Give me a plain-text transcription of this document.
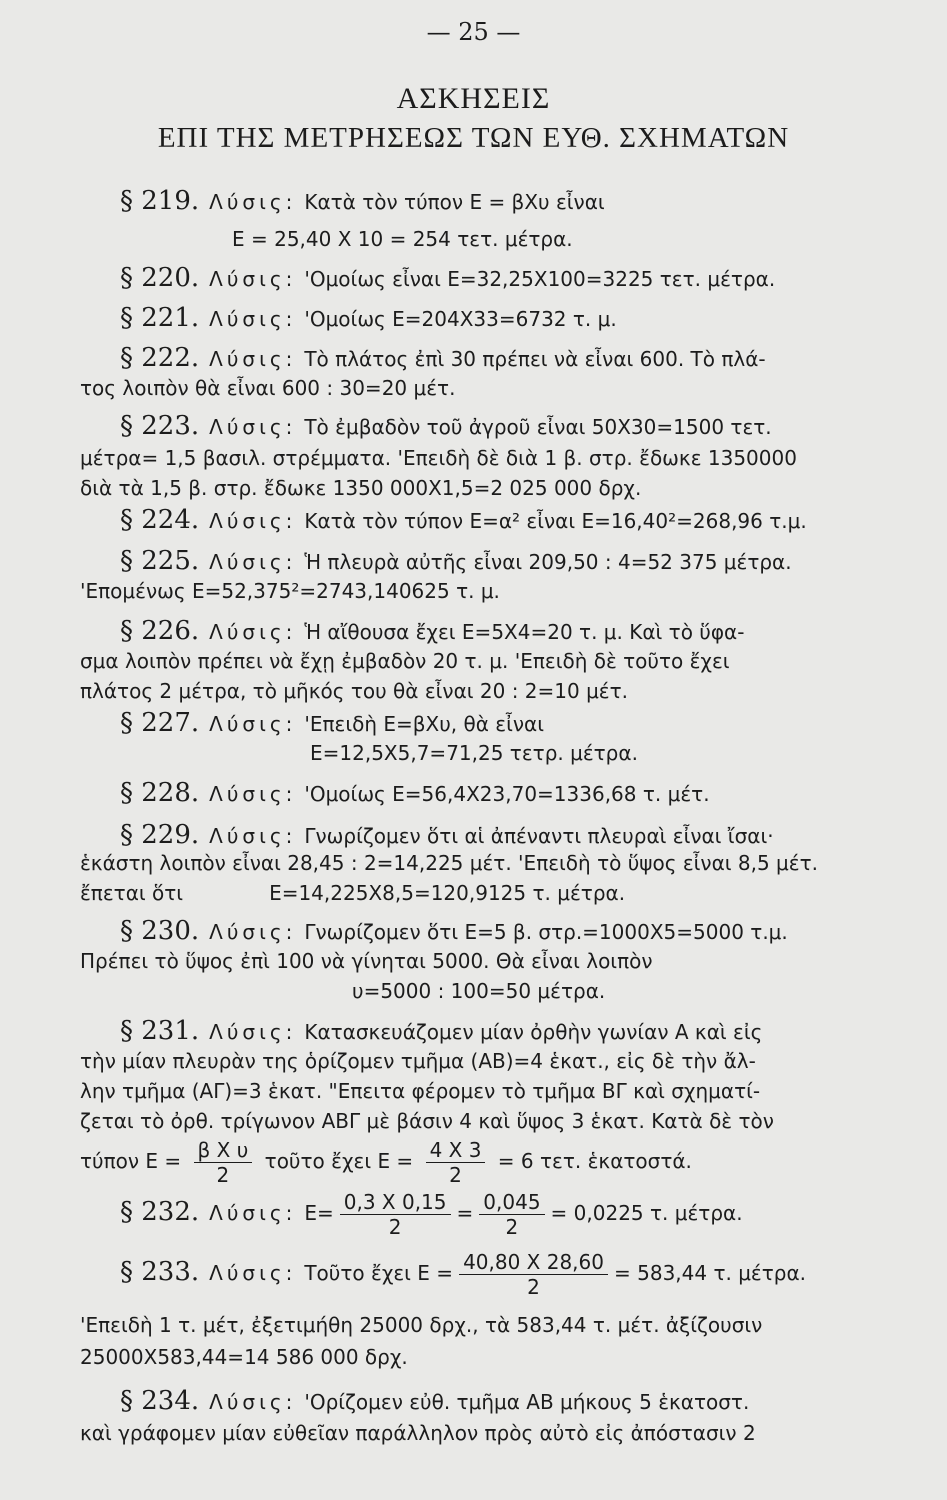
— 25 —
ΑΣΚΗΣΕΙΣ
ΕΠΙ ΤΗΣ ΜΕΤΡΗΣΕΩΣ ΤΩΝ ΕΥΘ. ΣΧΗΜΑΤΩΝ
§ 219. Λύσις: Κατὰ τὸν τύπον Ε = βΧυ εἶναι
Ε = 25,40 Χ 10 = 254 τετ. μέτρα.
§ 220. Λύσις: 'Ομοίως εἶναι Ε=32,25Χ100=3225 τετ. μέτρα.
§ 221. Λύσις: 'Ομοίως Ε=204Χ33=6732 τ. μ.
§ 222. Λύσις: Τὸ πλάτος ἐπὶ 30 πρέπει νὰ εἶναι 600. Τὸ πλά-
τος λοιπὸν θὰ εἶναι 600 : 30=20 μέτ.
§ 223. Λύσις: Τὸ ἐμβαδὸν τοῦ ἀγροῦ εἶναι 50Χ30=1500 τετ.
μέτρα= 1,5 βασιλ. στρέμματα. 'Επειδὴ δὲ διὰ 1 β. στρ. ἔδωκε 1350000
διὰ τὰ 1,5 β. στρ. ἔδωκε 1350 000Χ1,5=2 025 000 δρχ.
§ 224. Λύσις: Κατὰ τὸν τύπον Ε=α² εἶναι Ε=16,40²=268,96 τ.μ.
§ 225. Λύσις: Ἡ πλευρὰ αὐτῆς εἶναι 209,50 : 4=52 375 μέτρα.
'Επομένως Ε=52,375²=2743,140625 τ. μ.
§ 226. Λύσις: Ἡ αἴθουσα ἔχει Ε=5Χ4=20 τ. μ. Καὶ τὸ ὕφα-
σμα λοιπὸν πρέπει νὰ ἔχῃ ἐμβαδὸν 20 τ. μ. 'Επειδὴ δὲ τοῦτο ἔχει
πλάτος 2 μέτρα, τὸ μῆκός του θὰ εἶναι 20 : 2=10 μέτ.
§ 227. Λύσις: 'Επειδὴ Ε=βΧυ, θὰ εἶναι
Ε=12,5Χ5,7=71,25 τετρ. μέτρα.
§ 228. Λύσις: 'Ομοίως Ε=56,4Χ23,70=1336,68 τ. μέτ.
§ 229. Λύσις: Γνωρίζομεν ὅτι αἱ ἀπέναντι πλευραὶ εἶναι ἴσαι·
ἑκάστη λοιπὸν εἶναι 28,45 : 2=14,225 μέτ. 'Επειδὴ τὸ ὕψος εἶναι 8,5 μέτ.
ἔπεται ὅτι	Ε=14,225Χ8,5=120,9125 τ. μέτρα.
§ 230. Λύσις: Γνωρίζομεν ὅτι Ε=5 β. στρ.=1000Χ5=5000 τ.μ.
Πρέπει τὸ ὕψος ἐπὶ 100 νὰ γίνηται 5000. Θὰ εἶναι λοιπὸν
υ=5000 : 100=50 μέτρα.
§ 231. Λύσις: Κατασκευάζομεν μίαν ὀρθὴν γωνίαν Α καὶ εἰς
τὴν μίαν πλευρὰν της ὁρίζομεν τμῆμα (ΑΒ)=4 ἑκατ., εἰς δὲ τὴν ἄλ-
λην τμῆμα (ΑΓ)=3 ἑκατ. "Επειτα φέρομεν τὸ τμῆμα ΒΓ καὶ σχηματί-
ζεται τὸ ὀρθ. τρίγωνον ΑΒΓ μὲ βάσιν 4 καὶ ὕψος 3 ἑκατ. Κατὰ δὲ τὸν
τύπον $E = \frac{\text{β Χ υ}}{2}$ τοῦτο ἔχει $E = \frac{4 X 3}{2} = 6$ τετ. ἑκατοστά.
§ 232. Λύσις: $E= \frac{0,3 X 0,15}{2} = \frac{0,045}{2} = 0,0225$ τ. μέτρα.
§ 233. Λύσις: Τοῦτο ἔχει $E = \frac{40,80 X 28,60}{2} = 583,44$ τ. μέτρα.
'Επειδὴ 1 τ. μέτ, ἐξετιμήθη 25000 δρχ., τὰ 583,44 τ. μέτ. ἀξίζουσιν
25000Χ583,44=14 586 000 δρχ.
§ 234. Λύσις: 'Ορίζομεν εὐθ. τμῆμα ΑΒ μήκους 5 ἑκατοστ.
καὶ γράφομεν μίαν εὐθεῖαν παράλληλον πρὸς αὐτὸ εἰς ἀπόστασιν 2
